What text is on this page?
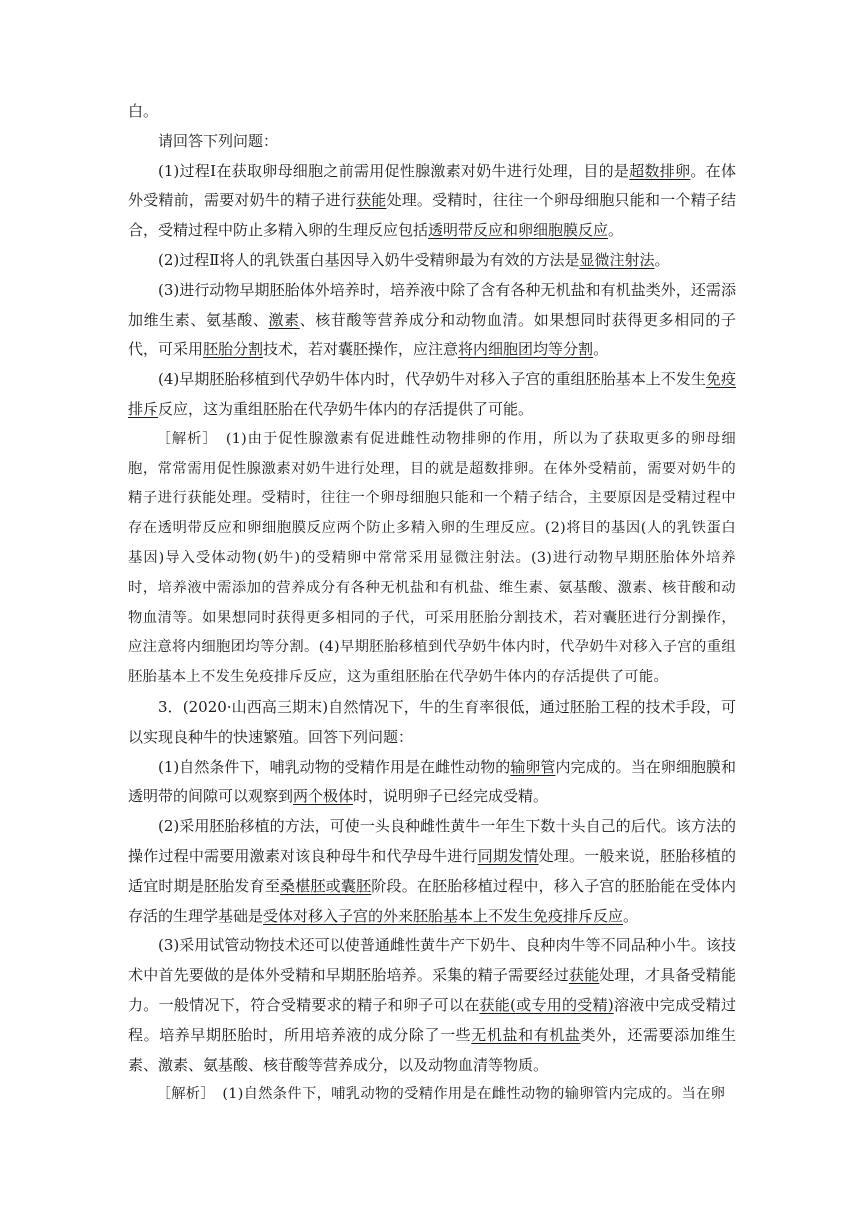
白。

请回答下列问题：

(1)过程Ⅰ在获取卵母细胞之前需用促性腺激素对奶牛进行处理，目的是超数排卵。在体外受精前，需要对奶牛的精子进行获能处理。受精时，往往一个卵母细胞只能和一个精子结合，受精过程中防止多精入卵的生理反应包括透明带反应和卵细胞膜反应。

(2)过程Ⅱ将人的乳铁蛋白基因导入奶牛受精卵最为有效的方法是显微注射法。

(3)进行动物早期胚胎体外培养时，培养液中除了含有各种无机盐和有机盐类外，还需添加维生素、氨基酸、激素、核苷酸等营养成分和动物血清。如果想同时获得更多相同的子代，可采用胚胎分割技术，若对囊胚操作，应注意将内细胞团均等分割。

(4)早期胚胎移植到代孕奶牛体内时，代孕奶牛对移入子宫的重组胚胎基本上不发生免疫排斥反应，这为重组胚胎在代孕奶牛体内的存活提供了可能。

［解析］　(1)由于促性腺激素有促进雌性动物排卵的作用，所以为了获取更多的卵母细胞，常常需用促性腺激素对奶牛进行处理，目的就是超数排卵。在体外受精前，需要对奶牛的精子进行获能处理。受精时，往往一个卵母细胞只能和一个精子结合，主要原因是受精过程中存在透明带反应和卵细胞膜反应两个防止多精入卵的生理反应。(2)将目的基因(人的乳铁蛋白基因)导入受体动物(奶牛)的受精卵中常常采用显微注射法。(3)进行动物早期胚胎体外培养时，培养液中需添加的营养成分有各种无机盐和有机盐、维生素、氨基酸、激素、核苷酸和动物血清等。如果想同时获得更多相同的子代，可采用胚胎分割技术，若对囊胚进行分割操作，应注意将内细胞团均等分割。(4)早期胚胎移植到代孕奶牛体内时，代孕奶牛对移入子宫的重组胚胎基本上不发生免疫排斥反应，这为重组胚胎在代孕奶牛体内的存活提供了可能。

3．(2020·山西高三期末)自然情况下，牛的生育率很低，通过胚胎工程的技术手段，可以实现良种牛的快速繁殖。回答下列问题：

(1)自然条件下，哺乳动物的受精作用是在雌性动物的输卵管内完成的。当在卵细胞膜和透明带的间隙可以观察到两个极体时，说明卵子已经完成受精。

(2)采用胚胎移植的方法，可使一头良种雌性黄牛一年生下数十头自己的后代。该方法的操作过程中需要用激素对该良种母牛和代孕母牛进行同期发情处理。一般来说，胚胎移植的适宜时期是胚胎发育至桑椹胚或囊胚阶段。在胚胎移植过程中，移入子宫的胚胎能在受体内存活的生理学基础是受体对移入子宫的外来胚胎基本上不发生免疫排斥反应。

(3)采用试管动物技术还可以使普通雌性黄牛产下奶牛、良种肉牛等不同品种小牛。该技术中首先要做的是体外受精和早期胚胎培养。采集的精子需要经过获能处理，才具备受精能力。一般情况下，符合受精要求的精子和卵子可以在获能(或专用的受精)溶液中完成受精过程。培养早期胚胎时，所用培养液的成分除了一些无机盐和有机盐类外，还需要添加维生素、激素、氨基酸、核苷酸等营养成分，以及动物血清等物质。

［解析］　(1)自然条件下，哺乳动物的受精作用是在雌性动物的输卵管内完成的。当在卵
